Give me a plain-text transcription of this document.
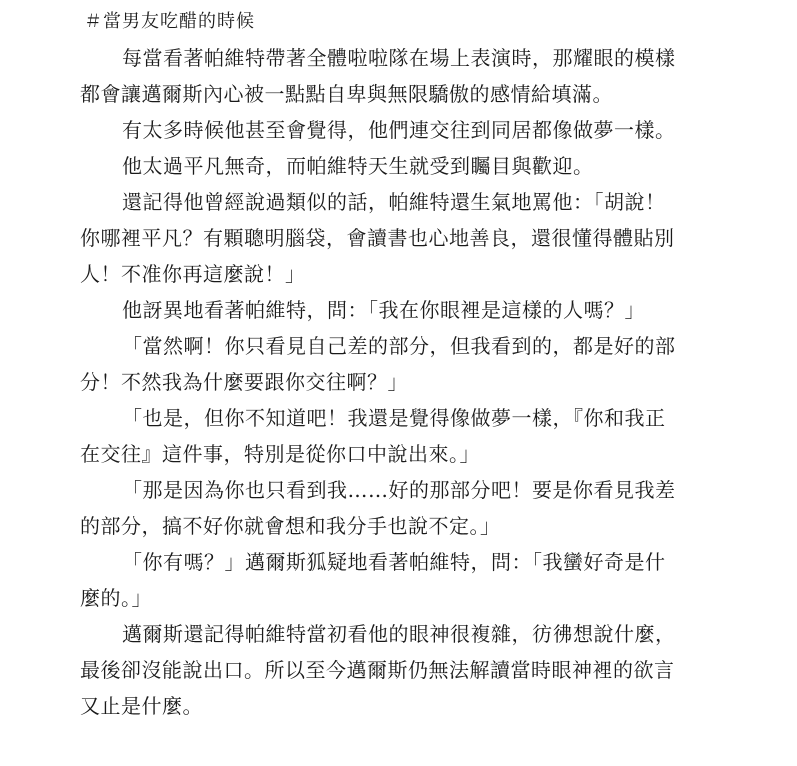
＃當男友吃醋的時候

每當看著帕維特帶著全體啦啦隊在場上表演時，那耀眼的模樣都會讓邁爾斯內心被一點點自卑與無限驕傲的感情給填滿。

有太多時候他甚至會覺得，他們連交往到同居都像做夢一樣。

他太過平凡無奇，而帕維特天生就受到矚目與歡迎。

還記得他曾經說過類似的話，帕維特還生氣地罵他：「胡說！你哪裡平凡？有顆聰明腦袋，會讀書也心地善良，還很懂得體貼別人！不准你再這麼說！」

他訝異地看著帕維特，問：「我在你眼裡是這樣的人嗎？」

「當然啊！你只看見自己差的部分，但我看到的，都是好的部分！不然我為什麼要跟你交往啊？」

「也是，但你不知道吧！我還是覺得像做夢一樣，『你和我正在交往』這件事，特別是從你口中說出來。」

「那是因為你也只看到我……好的那部分吧！要是你看見我差的部分，搞不好你就會想和我分手也說不定。」

「你有嗎？」邁爾斯狐疑地看著帕維特，問：「我蠻好奇是什麼的。」

邁爾斯還記得帕維特當初看他的眼神很複雜，彷彿想說什麼，最後卻沒能說出口。所以至今邁爾斯仍無法解讀當時眼神裡的欲言又止是什麼。
